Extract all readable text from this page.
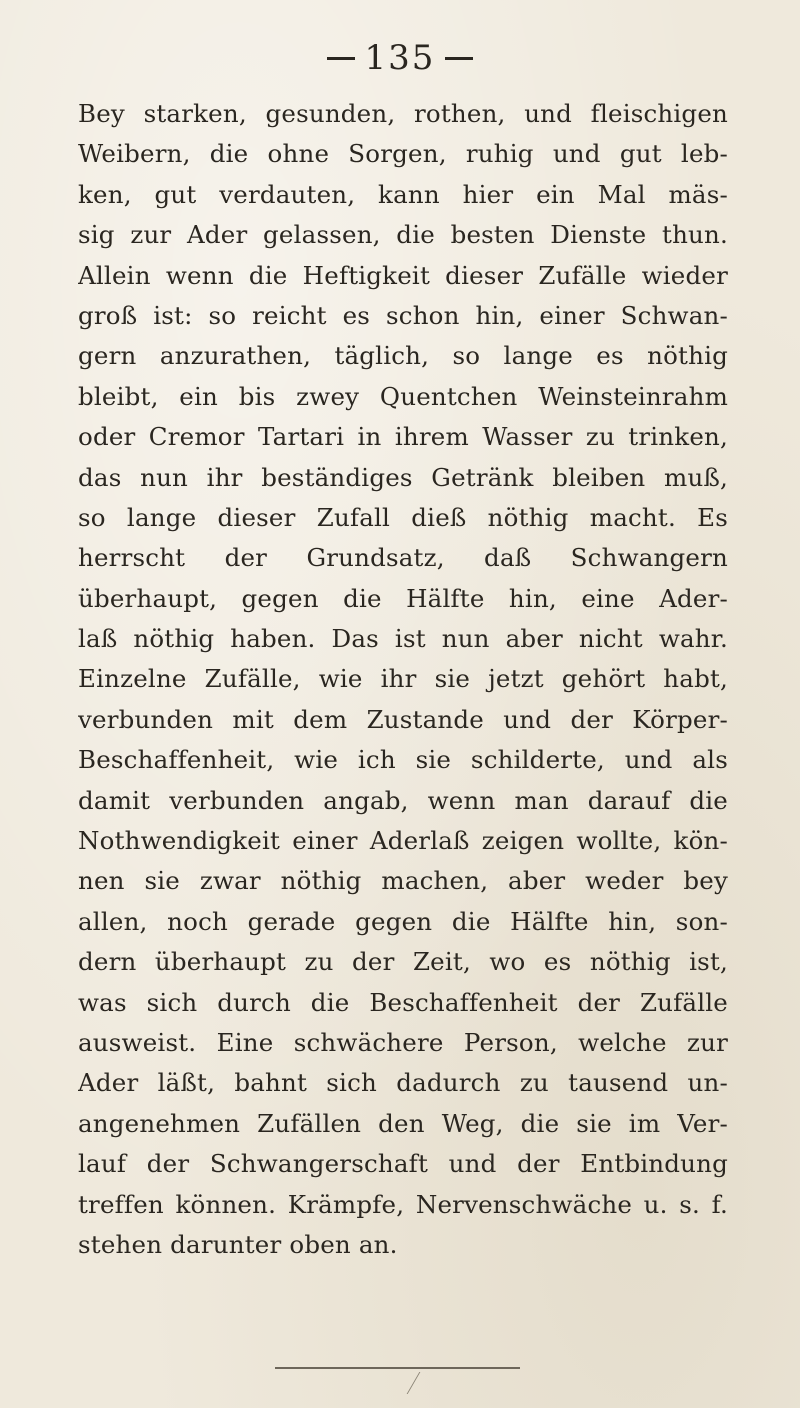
135
Bey starken, gesunden, rothen, und fleischigen
Weibern, die ohne Sorgen, ruhig und gut leb-
ken, gut verdauten, kann hier ein Mal mäs-
sig zur Ader gelassen, die besten Dienste thun.
Allein wenn die Heftigkeit dieser Zufälle wieder
groß ist: so reicht es schon hin, einer Schwan-
gern anzurathen, täglich, so lange es nöthig
bleibt, ein bis zwey Quentchen Weinsteinrahm
oder Cremor Tartari in ihrem Wasser zu trinken,
das nun ihr beständiges Getränk bleiben muß,
so lange dieser Zufall dieß nöthig macht. Es
herrscht der Grundsatz, daß Schwangern
überhaupt, gegen die Hälfte hin, eine Ader-
laß nöthig haben. Das ist nun aber nicht wahr.
Einzelne Zufälle, wie ihr sie jetzt gehört habt,
verbunden mit dem Zustande und der Körper-
Beschaffenheit, wie ich sie schilderte, und als
damit verbunden angab, wenn man darauf die
Nothwendigkeit einer Aderlaß zeigen wollte, kön-
nen sie zwar nöthig machen, aber weder bey
allen, noch gerade gegen die Hälfte hin, son-
dern überhaupt zu der Zeit, wo es nöthig ist,
was sich durch die Beschaffenheit der Zufälle
ausweist. Eine schwächere Person, welche zur
Ader läßt, bahnt sich dadurch zu tausend un-
angenehmen Zufällen den Weg, die sie im Ver-
lauf der Schwangerschaft und der Entbindung
treffen können. Krämpfe, Nervenschwäche u. s. f.
stehen darunter oben an.
